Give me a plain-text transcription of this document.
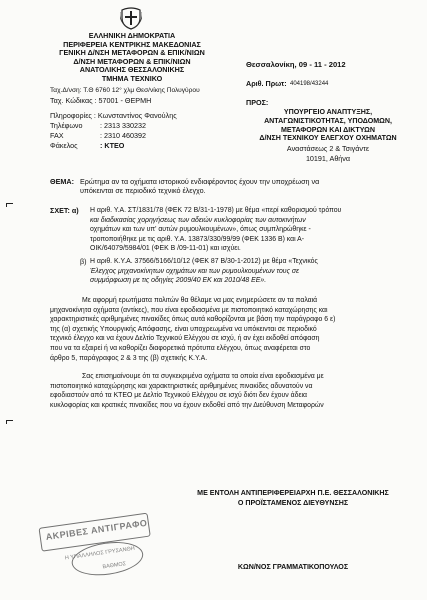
ΕΛΛΗΝΙΚΗ ΔΗΜΟΚΡΑΤΙΑ
ΠΕΡΙΦΕΡΕΙΑ ΚΕΝΤΡΙΚΗΣ ΜΑΚΕΔΟΝΙΑΣ
ΓΕΝΙΚΗ Δ/ΝΣΗ ΜΕΤΑΦΟΡΩΝ & ΕΠΙΚ/ΝΙΩΝ
Δ/ΝΣΗ ΜΕΤΑΦΟΡΩΝ & ΕΠΙΚ/ΝΙΩΝ
ΑΝΑΤΟΛΙΚΗΣ ΘΕΣΣΑΛΟΝΙΚΗΣ
ΤΜΗΜΑ ΤΕΧΝΙΚΟ
Ταχ.Δ/νση: Τ.Θ 6760 12° χλμ Θεσ/νίκης Πολυγύρου
Ταχ. Κώδικας : 57001 - ΘΕΡΜΗ
Πληροφορίες : Κωνσταντίνος Φανούλης
Τηλέφωνο : 2313 330232
FAX	: 2310 460392
Φάκελος	: ΚΤΕΟ
Θεσσαλονίκη, 09 - 11 - 2012
Αριθ. Πρωτ: 404198/43244
ΠΡΟΣ:
ΥΠΟΥΡΓΕΙΟ ΑΝΑΠΤΥΞΗΣ,
ΑΝΤΑΓΩΝΙΣΤΙΚΟΤΗΤΑΣ, ΥΠΟΔΟΜΩΝ,
ΜΕΤΑΦΟΡΩΝ ΚΑΙ ΔΙΚΤΥΩΝ
Δ/ΝΣΗ ΤΕΧΝΙΚΟΥ ΕΛΕΓΧΟΥ ΟΧΗΜΑΤΩΝ
Αναστάσεως 2 & Τσιγάντε
10191, Αθήνα
ΘΕΜΑ: Ερώτημα αν τα οχήματα ιστορικού ενδιαφέροντος έχουν την υποχρέωση να
υπόκεινται σε περιοδικό τεχνικό έλεγχο.
ΣΧΕΤ: α) Η αριθ. Υ.Α. ΣΤ/1831/78 (ΦΕΚ 72 Β/31-1-1978) με θέμα «περί καθορισμού τρόπου
και διαδικασίας χορηγήσεως των αδειών κυκλοφορίας των αυτοκινήτων
οχημάτων και των υπ' αυτών ρυμουλκουμένων», όπως συμπληρώθηκε -
τροποποιήθηκε με τις αριθ. Υ.Α. 13873/330/99/99 (ΦΕΚ 1336 Β) και Α-
ΟΙΚ/64079/5984/01 (ΦΕΚ Β /09-11-01) και ισχύει.
β) Η αριθ. Κ.Υ.Α. 37566/5166/10/12 (ΦΕΚ 87 Β/30-1-2012) με θέμα «Τεχνικός
Έλεγχος μηχανοκίνητων οχημάτων και των ρυμουλκουμένων τους σε
συμμόρφωση με τις οδηγίες 2009/40 ΕΚ και 2010/48 ΕΕ».
Με αφορμή ερωτήματα πολιτών θα θέλαμε να μας ενημερώσετε αν τα παλαιά
μηχανοκίνητα οχήματα (αντίκες), που είναι εφοδιασμένα με πιστοποιητικό καταχώρησης και
χαρακτηριστικές αριθμημένες πινακίδες όπως αυτά καθορίζονται με βάση την παράγραφο 6 ε)
της (α) σχετικής Υπουργικής Απόφασης, είναι υποχρεωμένα να υπόκεινται σε περιοδικό
τεχνικό έλεγχο και να έχουν Δελτίο Τεχνικού Ελέγχου σε ισχύ, ή αν έχει εκδοθεί απόφαση
που να τα εξαιρεί ή να καθορίζει διαφορετικά πρότυπα ελέγχου, όπως αναφέρεται στο
άρθρο 5, παράγραφος 2 & 3 της (β) σχετικής Κ.Υ.Α.
Σας επισημαίνουμε ότι τα συγκεκριμένα οχήματα τα οποία είναι εφοδιασμένα με
πιστοποιητικό καταχώρησης και χαρακτηριστικές αριθμημένες πινακίδες αδυνατούν να
εφοδιαστούν από τα ΚΤΕΟ με Δελτίο Τεχνικού Ελέγχου σε ισχύ διότι δεν έχουν άδεια
κυκλοφορίας και κρατικές πινακίδες που να έχουν εκδοθεί από την Διεύθυνση Μεταφορών
ΜΕ ΕΝΤΟΛΗ ΑΝΤΙΠΕΡΙΦΕΡΕΙΑΡΧΗ Π.Ε. ΘΕΣΣΑΛΟΝΙΚΗΣ
Ο ΠΡΟΪΣΤΑΜΕΝΟΣ ΔΙΕΥΘΥΝΣΗΣ
ΚΩΝ/ΝΟΣ ΓΡΑΜΜΑΤΙΚΟΠΟΥΛΟΣ
ΑΚΡΙΒΕΣ ΑΝΤΙΓΡΑΦΟ
Η ΥΠΑΛΛΗΛΟΣ ΓΡΥΣΑΝΘΗ
ΒΑΘΜΟΣ
